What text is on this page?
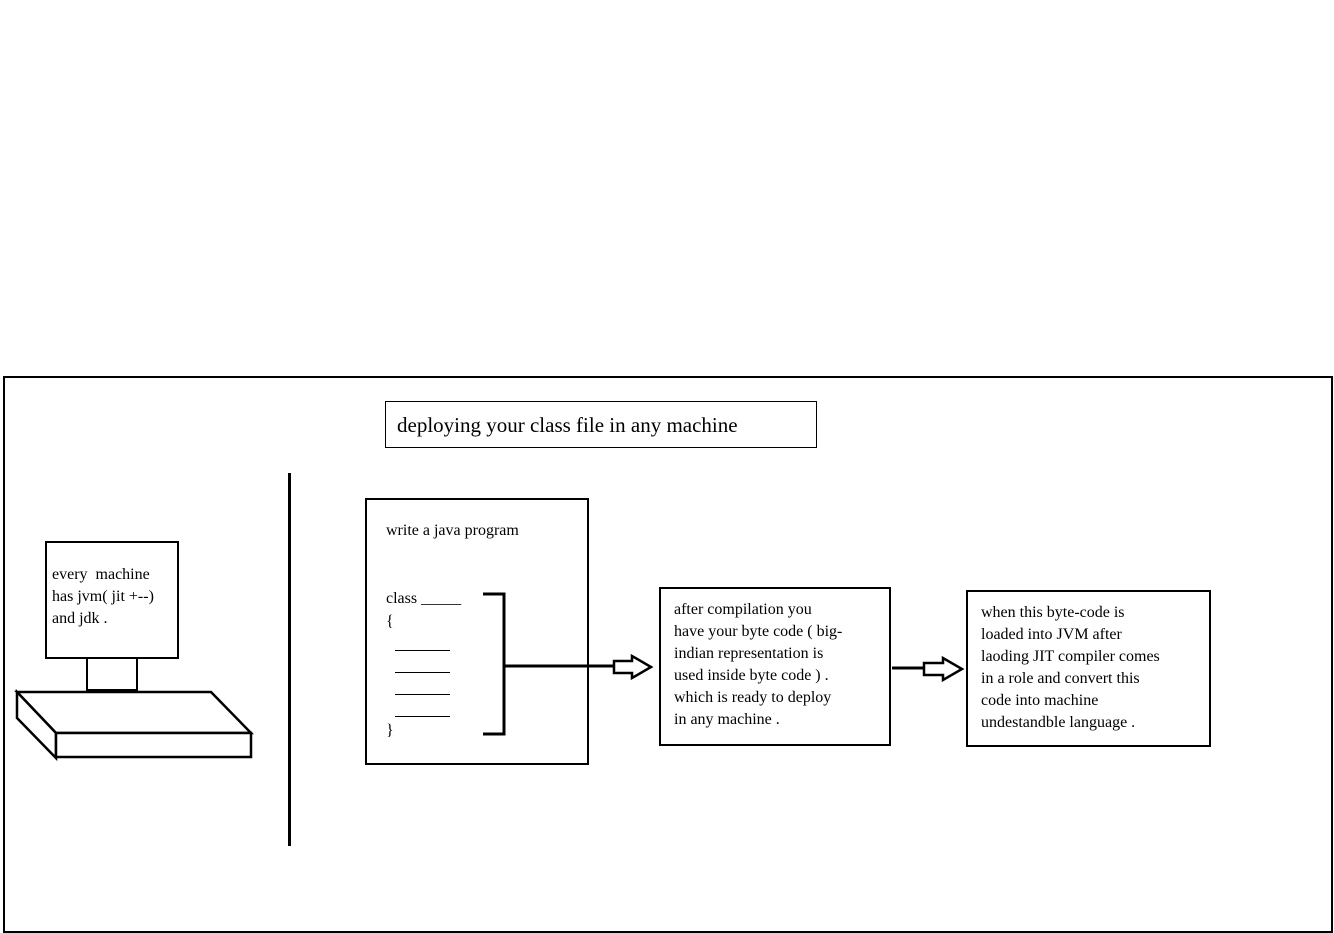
deploying your class file in any machine
every  machine
has jvm( jit +--)
and jdk .
write a java program
class _____
{
}
after compilation you
have your byte code ( big-
indian representation is
used inside byte code ) .
which is ready to deploy
in any machine .
when this byte-code is
loaded into JVM after
laoding JIT compiler comes
in a role and convert this
code into machine
undestandble language .
